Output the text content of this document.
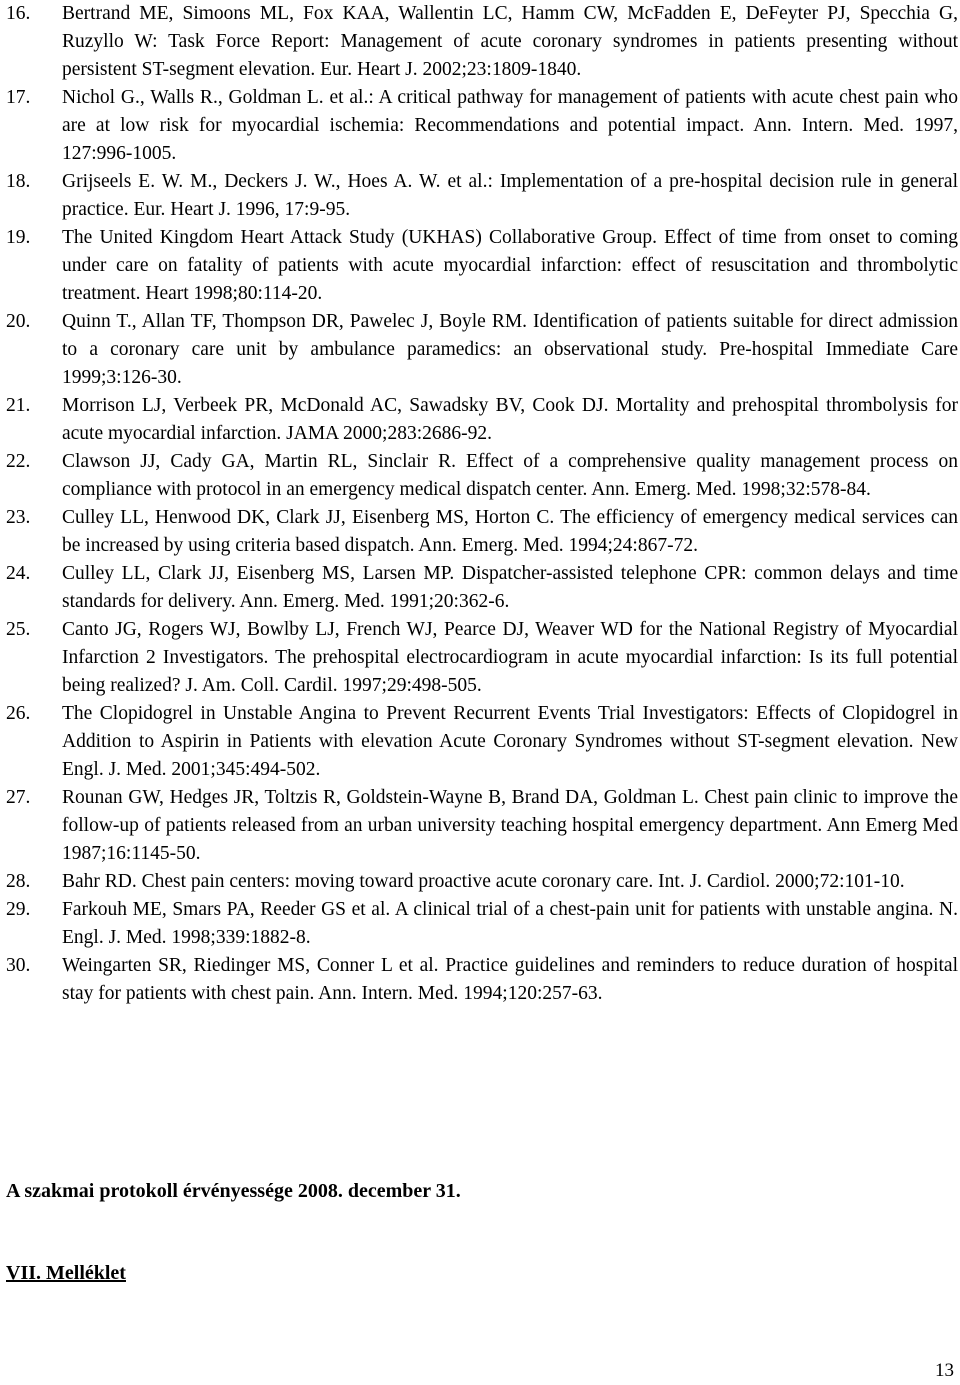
16.	Bertrand ME, Simoons ML, Fox KAA, Wallentin LC, Hamm CW, McFadden E, DeFeyter PJ, Specchia G, Ruzyllo W: Task Force Report: Management of acute coronary syndromes in patients presenting without persistent ST-segment elevation. Eur. Heart J. 2002;23:1809-1840.
17.	Nichol G., Walls R., Goldman L. et al.: A critical pathway for management of patients with acute chest pain who are at low risk for myocardial ischemia: Recommendations and potential impact. Ann. Intern. Med. 1997, 127:996-1005.
18.	Grijseels E. W. M., Deckers J. W., Hoes A. W. et al.: Implementation of a pre-hospital decision rule in general practice. Eur. Heart J. 1996, 17:9-95.
19.	The United Kingdom Heart Attack Study (UKHAS) Collaborative Group. Effect of time from onset to coming under care on fatality of patients with acute myocardial infarction: effect of resuscitation and thrombolytic treatment. Heart 1998;80:114-20.
20.	Quinn T., Allan TF, Thompson DR, Pawelec J, Boyle RM. Identification of patients suitable for direct admission to a coronary care unit by ambulance paramedics: an observational study. Pre-hospital Immediate Care 1999;3:126-30.
21.	Morrison LJ, Verbeek PR, McDonald AC, Sawadsky BV, Cook DJ. Mortality and prehospital thrombolysis for acute myocardial infarction. JAMA 2000;283:2686-92.
22.	Clawson JJ, Cady GA, Martin RL, Sinclair R. Effect of a comprehensive quality management process on compliance with protocol in an emergency medical dispatch center. Ann. Emerg. Med. 1998;32:578-84.
23.	Culley LL, Henwood DK, Clark JJ, Eisenberg MS, Horton C. The efficiency of emergency medical services can be increased by using criteria based dispatch. Ann. Emerg. Med. 1994;24:867-72.
24.	Culley LL, Clark JJ, Eisenberg MS, Larsen MP. Dispatcher-assisted telephone CPR: common delays and time standards for delivery. Ann. Emerg. Med. 1991;20:362-6.
25.	Canto JG, Rogers WJ, Bowlby LJ, French WJ, Pearce DJ, Weaver WD for the National Registry of Myocardial Infarction 2 Investigators. The prehospital electrocardiogram in acute myocardial infarction: Is its full potential being realized? J. Am. Coll. Cardil. 1997;29:498-505.
26.	The Clopidogrel in Unstable Angina to Prevent Recurrent Events Trial Investigators: Effects of Clopidogrel in Addition to Aspirin in Patients with elevation Acute Coronary Syndromes without ST-segment elevation. New Engl. J. Med. 2001;345:494-502.
27.	Rounan GW, Hedges JR, Toltzis R, Goldstein-Wayne B, Brand DA, Goldman L. Chest pain clinic to improve the follow-up of patients released from an urban university teaching hospital emergency department. Ann Emerg Med 1987;16:1145-50.
28.	Bahr RD. Chest pain centers: moving toward proactive acute coronary care. Int. J. Cardiol. 2000;72:101-10.
29.	Farkouh ME, Smars PA, Reeder GS et al. A clinical trial of a chest-pain unit for patients with unstable angina. N. Engl. J. Med. 1998;339:1882-8.
30.	Weingarten SR, Riedinger MS, Conner L et al. Practice guidelines and reminders to reduce duration of hospital stay for patients with chest pain. Ann. Intern. Med. 1994;120:257-63.

A szakmai protokoll érvényessége 2008. december 31.

VII. Melléklet

13
